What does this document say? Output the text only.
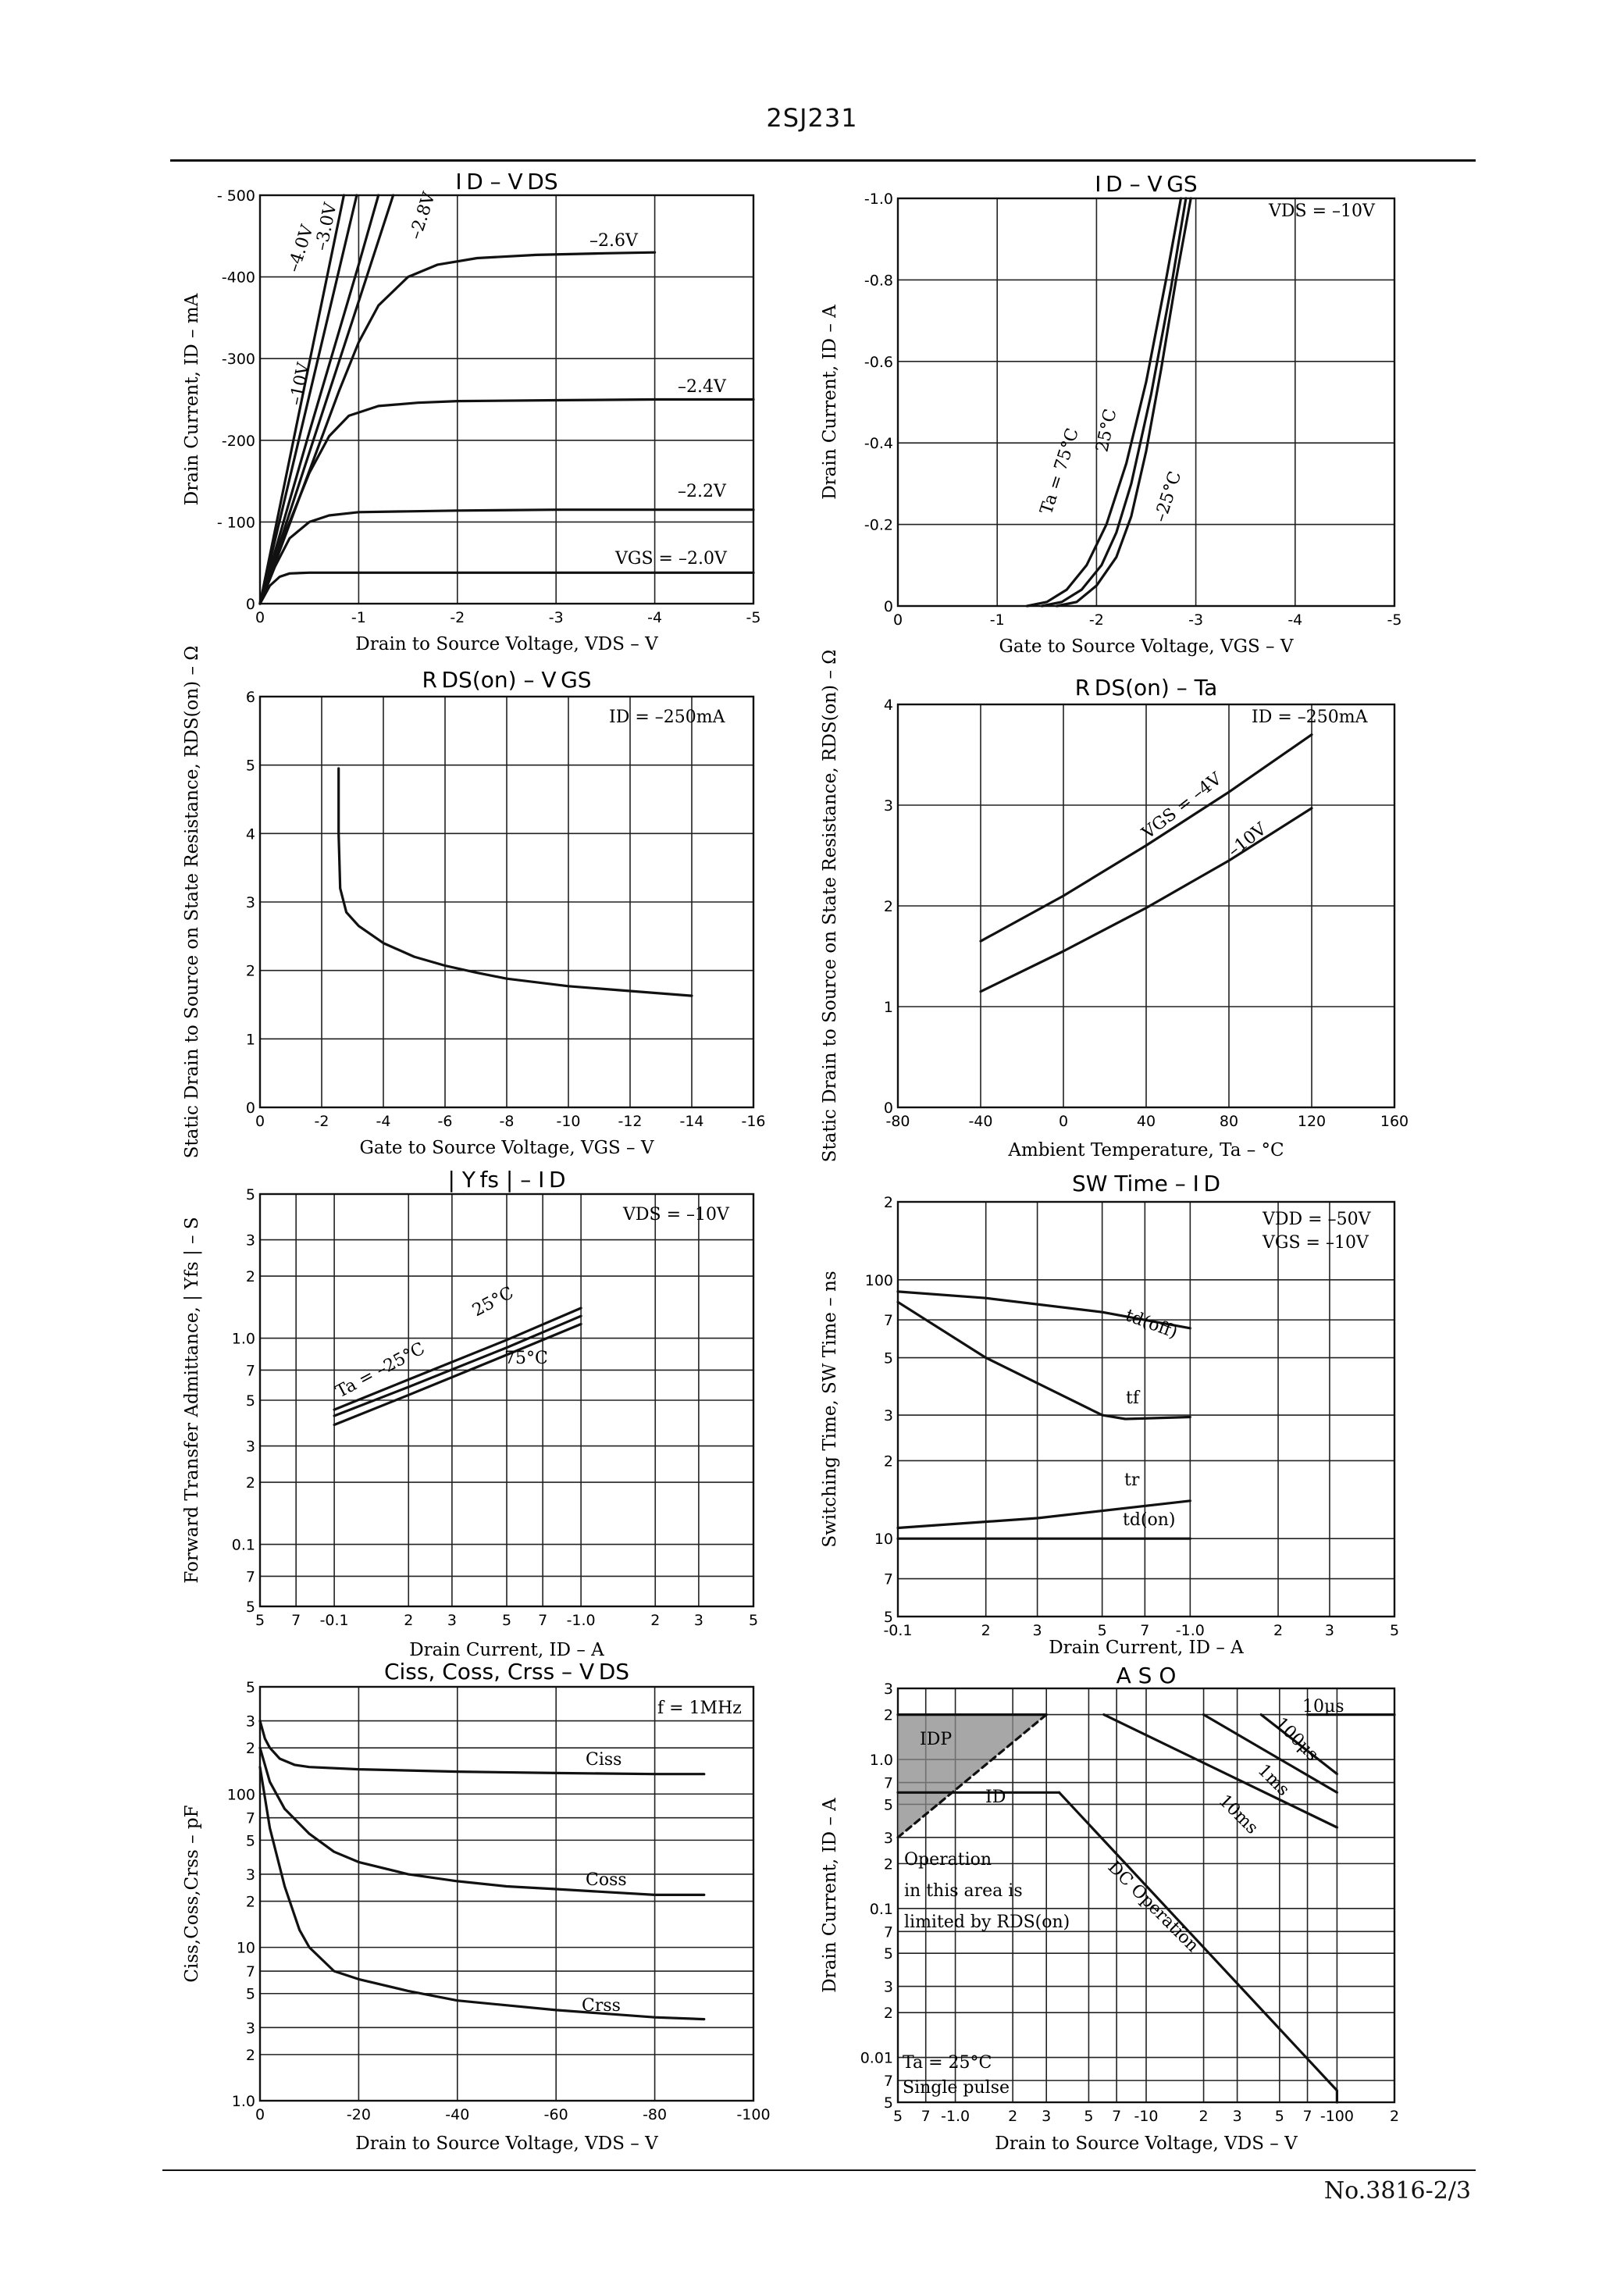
2SJ231
0	-1	-2	-3	-4	-5
0
- 100
-200
-300
-400
- 500
I D – V DS
Drain to Source Voltage, VDS – V
Drain Current, ID – mA
–2.6V
–2.4V
–2.2V
VGS = –2.0V
–4.0V
–3.0V	–2.8V
–10V
0	-1	-2	-3	-4	-5
0
-0.2
-0.4
-0.6
-0.8
-1.0
I D – V GS
Gate to Source Voltage, VGS – V
Drain Current, ID – A
VDS = –10V
Ta = 75°C 25°C
–25°C
0	-2	-4	-6	-8	-10	-12	-14	-16
0
1
2
3
4
5
6
R DS(on) – V GS
Gate to Source Voltage, VGS – V
Static Drain to Source on State Resistance, RDS(on) – Ω	ID = –250mA
-80	-40	0	40	80	120	160
0
1
2
3
4
R DS(on) – Ta
Ambient Temperature, Ta – °C
Static Drain to Source on State Resistance, RDS(on) – Ω	ID = –250mA
VGS = –4V
–10V
5 7 -0.1	2 3	5 7 -1.0	2 3	5
5
7
0.1
2
3
5
7
1.0
2
3
5
| Y fs | – I D
Drain Current, ID – A
Forward Transfer Admittance, | Yfs | – S
VDS = –10V
Ta = –25°C
25°C
75°C
-0.1	2	3	5 7 -1.0	2	3	5
5
7
10
2
3
5
7
100
2
SW Time – I D
Drain Current, ID – A
Switching Time, SW Time – ns
VDD = –50V
VGS = –10V
td(off)
tf
tr
td(on)
0	-20	-40	-60	-80	-100
1.0
2
3
5
7
10
2
3
5
7
100
2
3
5
Ciss, Coss, Crss – V DS
Drain to Source Voltage, VDS – V
Ciss,Coss,Crss – pF
f = 1MHz
Ciss
Coss
Crss
5 7 -1.0	2 3 5 7 -10	2 3 5 7 -100 2
5
7
0.01
2
3
5
7
0.1
2
3
5
7
1.0
2
3
A S O
Drain to Source Voltage, VDS – V
Drain Current, ID – A
10μs
100μs
1ms
10ms
DC Operation
IDP
ID
Operation
in this area is
limited by RDS(on)
Ta = 25°C
Single pulse
No.3816-2/3
